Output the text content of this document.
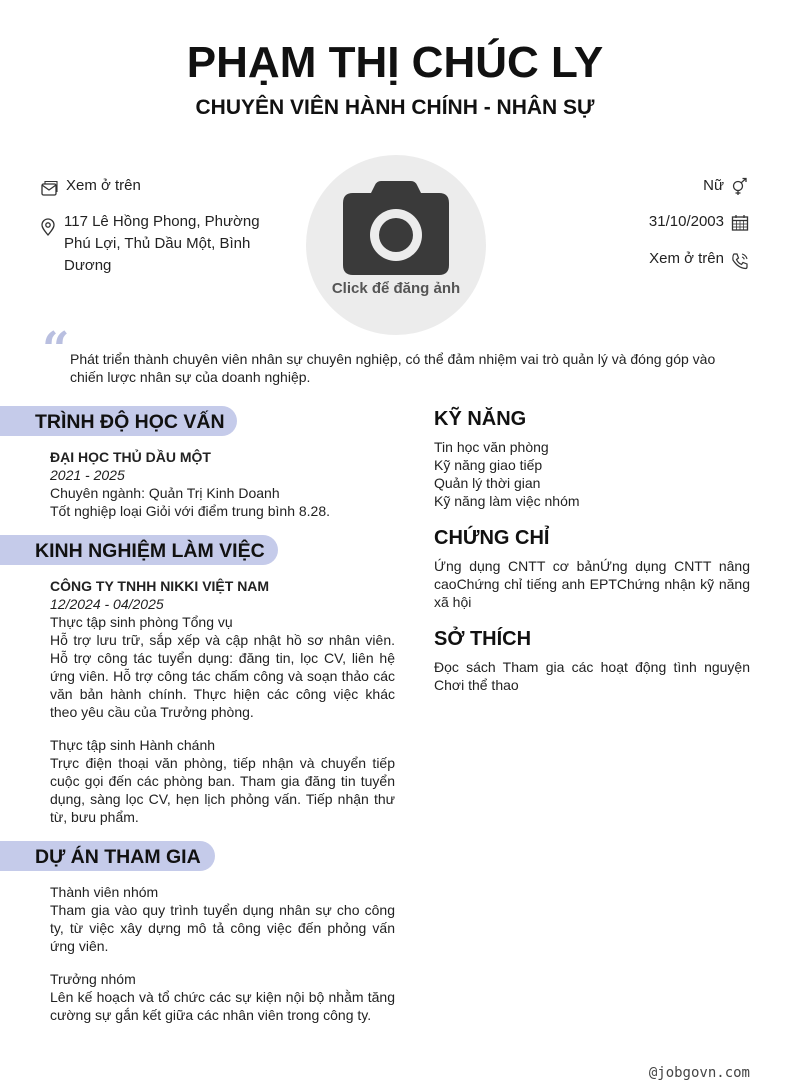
PHẠM THỊ CHÚC LY
CHUYÊN VIÊN HÀNH CHÍNH - NHÂN SỰ
Xem ở trên
117 Lê Hồng Phong, Phường
Phú Lợi, Thủ Dầu Một, Bình
Dương
Click để đăng ảnh
Nữ
31/10/2003
Xem ở trên
“ Phát triển thành chuyên viên nhân sự chuyên nghiệp, có thể đảm nhiệm vai trò quản lý và đóng góp vào chiến lược nhân sự của doanh nghiệp.
TRÌNH ĐỘ HỌC VẤN
ĐẠI HỌC THỦ DẦU MỘT
2021 - 2025
Chuyên ngành: Quản Trị Kinh Doanh
Tốt nghiệp loại Giỏi với điểm trung bình 8.28.
KINH NGHIỆM LÀM VIỆC
CÔNG TY TNHH NIKKI VIỆT NAM
12/2024 - 04/2025
Thực tập sinh phòng Tổng vụ
Hỗ trợ lưu trữ, sắp xếp và cập nhật hồ sơ nhân viên. Hỗ trợ công tác tuyển dụng: đăng tin, lọc CV, liên hệ ứng viên. Hỗ trợ công tác chấm công và soạn thảo các văn bản hành chính. Thực hiện các công việc khác theo yêu cầu của Trưởng phòng.
Thực tập sinh Hành chánh
Trực điện thoại văn phòng, tiếp nhận và chuyển tiếp cuộc gọi đến các phòng ban. Tham gia đăng tin tuyển dụng, sàng lọc CV, hẹn lịch phỏng vấn. Tiếp nhận thư từ, bưu phẩm.
DỰ ÁN THAM GIA
Thành viên nhóm
Tham gia vào quy trình tuyển dụng nhân sự cho công ty, từ việc xây dựng mô tả công việc đến phỏng vấn ứng viên.
Trưởng nhóm
Lên kế hoạch và tổ chức các sự kiện nội bộ nhằm tăng cường sự gắn kết giữa các nhân viên trong công ty.
KỸ NĂNG
Tin học văn phòng
Kỹ năng giao tiếp
Quản lý thời gian
Kỹ năng làm việc nhóm
CHỨNG CHỈ
Ứng dụng CNTT cơ bảnỨng dụng CNTT nâng caoChứng chỉ tiếng anh EPTChứng nhận kỹ năng xã hội
SỞ THÍCH
Đọc sách Tham gia các hoạt động tình nguyện Chơi thể thao
@jobgovn.com
